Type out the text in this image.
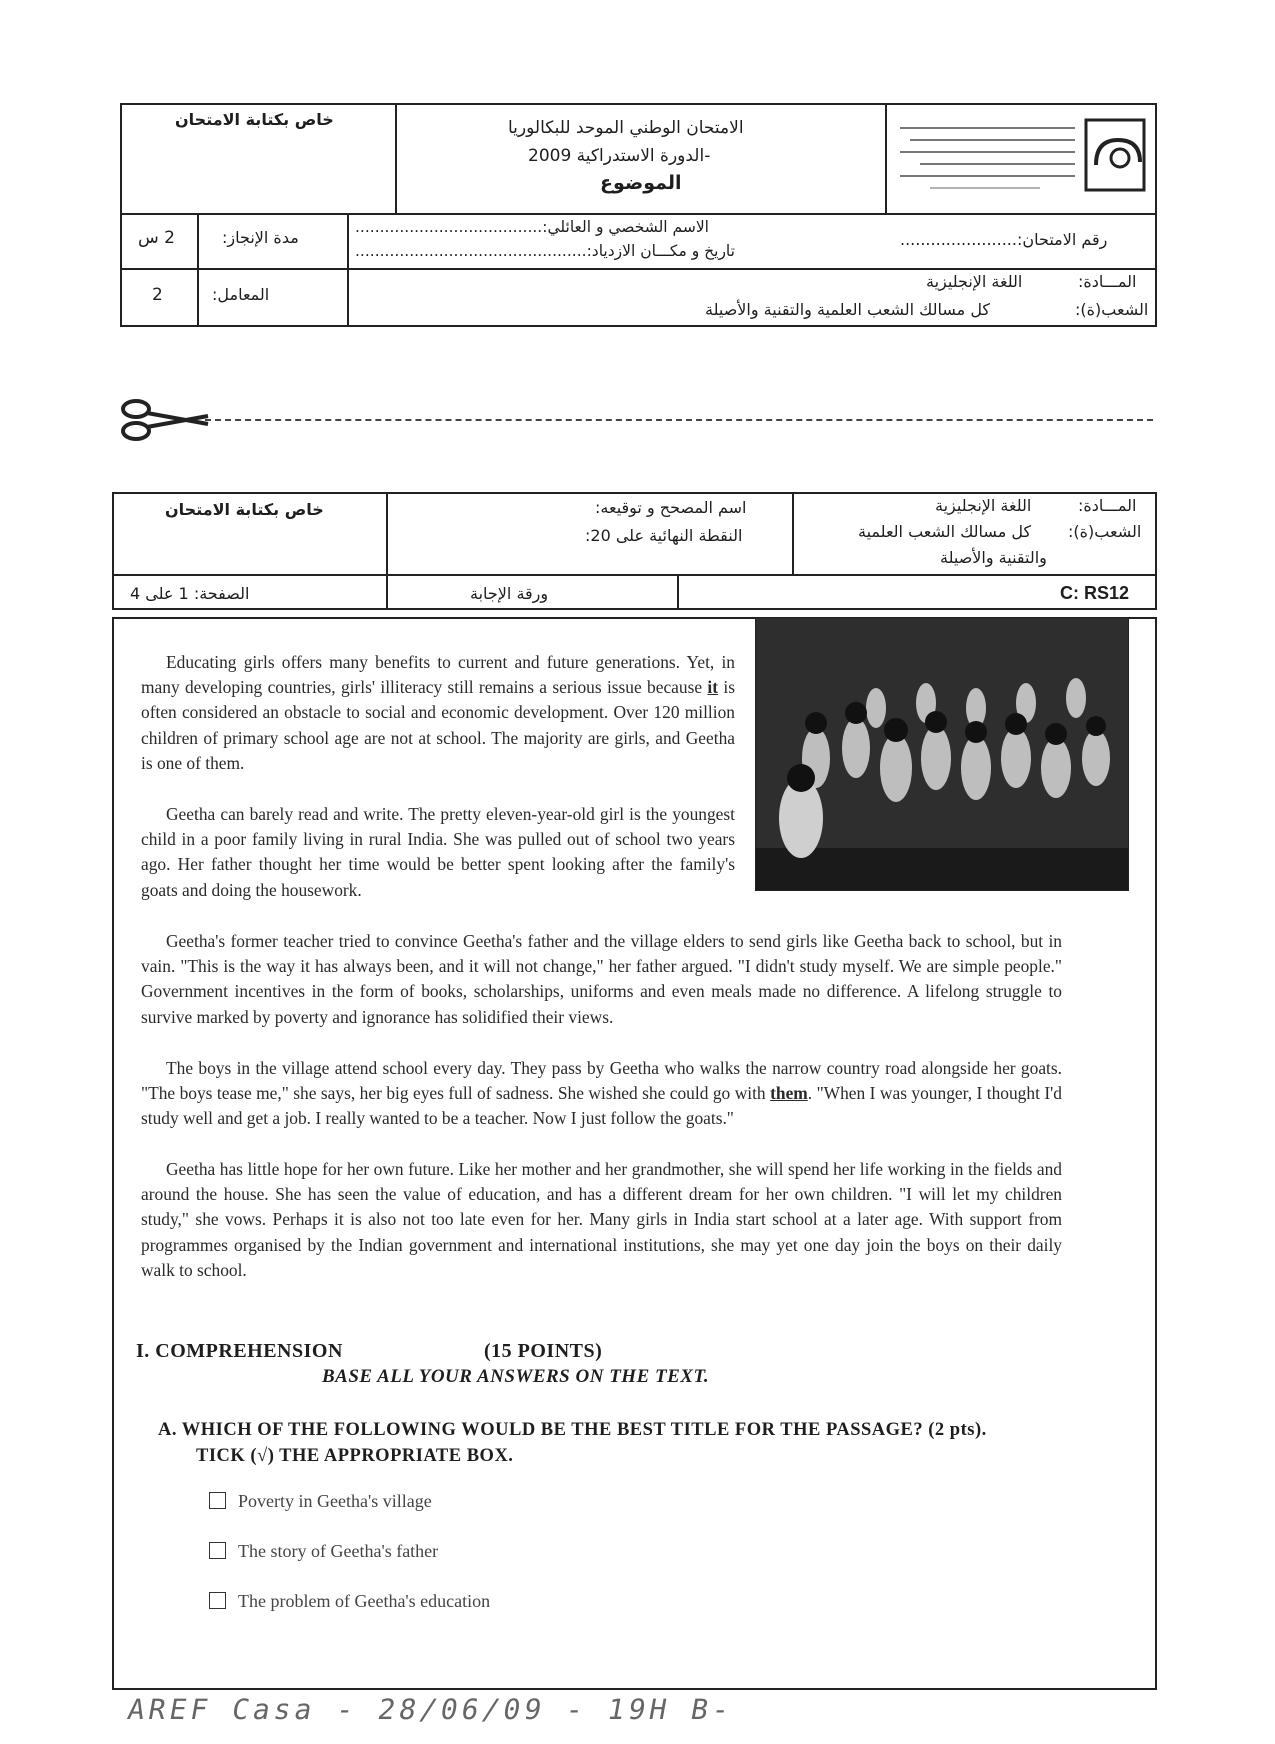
خاص بكتابة الامتحان	الامتحان الوطني الموحد للبكالوريا
-الدورة الاستدراكية 2009
الموضوع
2 س	مدة الإنجاز:
الاسم الشخصي و العائلي:......................................
تاريخ و مكـــان الازدياد:...............................................
رقم الامتحان:.......................
2	المعامل:
اللغة الإنجليزية	المـــادة:
كل مسالك الشعب العلمية والتقنية والأصيلة	الشعب(ة):
خاص بكتابة الامتحان	اسم المصحح و توقيعه:
النقطة النهائية على 20:
اللغة الإنجليزية	المـــادة:
كل مسالك الشعب العلمية الشعب(ة):
والتقنية والأصيلة
الصفحة: 1 على 4	ورقة الإجابة	C: RS12

Educating girls offers many benefits to current and future generations. Yet, in many developing countries, girls' illiteracy still remains a serious issue because it is often considered an obstacle to social and economic development. Over 120 million children of primary school age are not at school. The majority are girls, and Geetha is one of them.

Geetha can barely read and write. The pretty eleven-year-old girl is the youngest child in a poor family living in rural India. She was pulled out of school two years ago. Her father thought her time would be better spent looking after the family's goats and doing the housework.

Geetha's former teacher tried to convince Geetha's father and the village elders to send girls like Geetha back to school, but in vain. "This is the way it has always been, and it will not change," her father argued. "I didn't study myself. We are simple people." Government incentives in the form of books, scholarships, uniforms and even meals made no difference. A lifelong struggle to survive marked by poverty and ignorance has solidified their views.

The boys in the village attend school every day. They pass by Geetha who walks the narrow country road alongside her goats. "The boys tease me," she says, her big eyes full of sadness. She wished she could go with them. "When I was younger, I thought I'd study well and get a job. I really wanted to be a teacher. Now I just follow the goats."

Geetha has little hope for her own future. Like her mother and her grandmother, she will spend her life working in the fields and around the house. She has seen the value of education, and has a different dream for her own children. "I will let my children study," she vows. Perhaps it is also not too late even for her. Many girls in India start school at a later age. With support from programmes organised by the Indian government and international institutions, she may yet one day join the boys on their daily walk to school.

I. COMPREHENSION	(15 POINTS)
BASE ALL YOUR ANSWERS ON THE TEXT.
A. WHICH OF THE FOLLOWING WOULD BE THE BEST TITLE FOR THE PASSAGE? (2 pts).
TICK (√) THE APPROPRIATE BOX.
Poverty in Geetha's village
The story of Geetha's father
The problem of Geetha's education
AREF Casa - 28/06/09 - 19H B-
